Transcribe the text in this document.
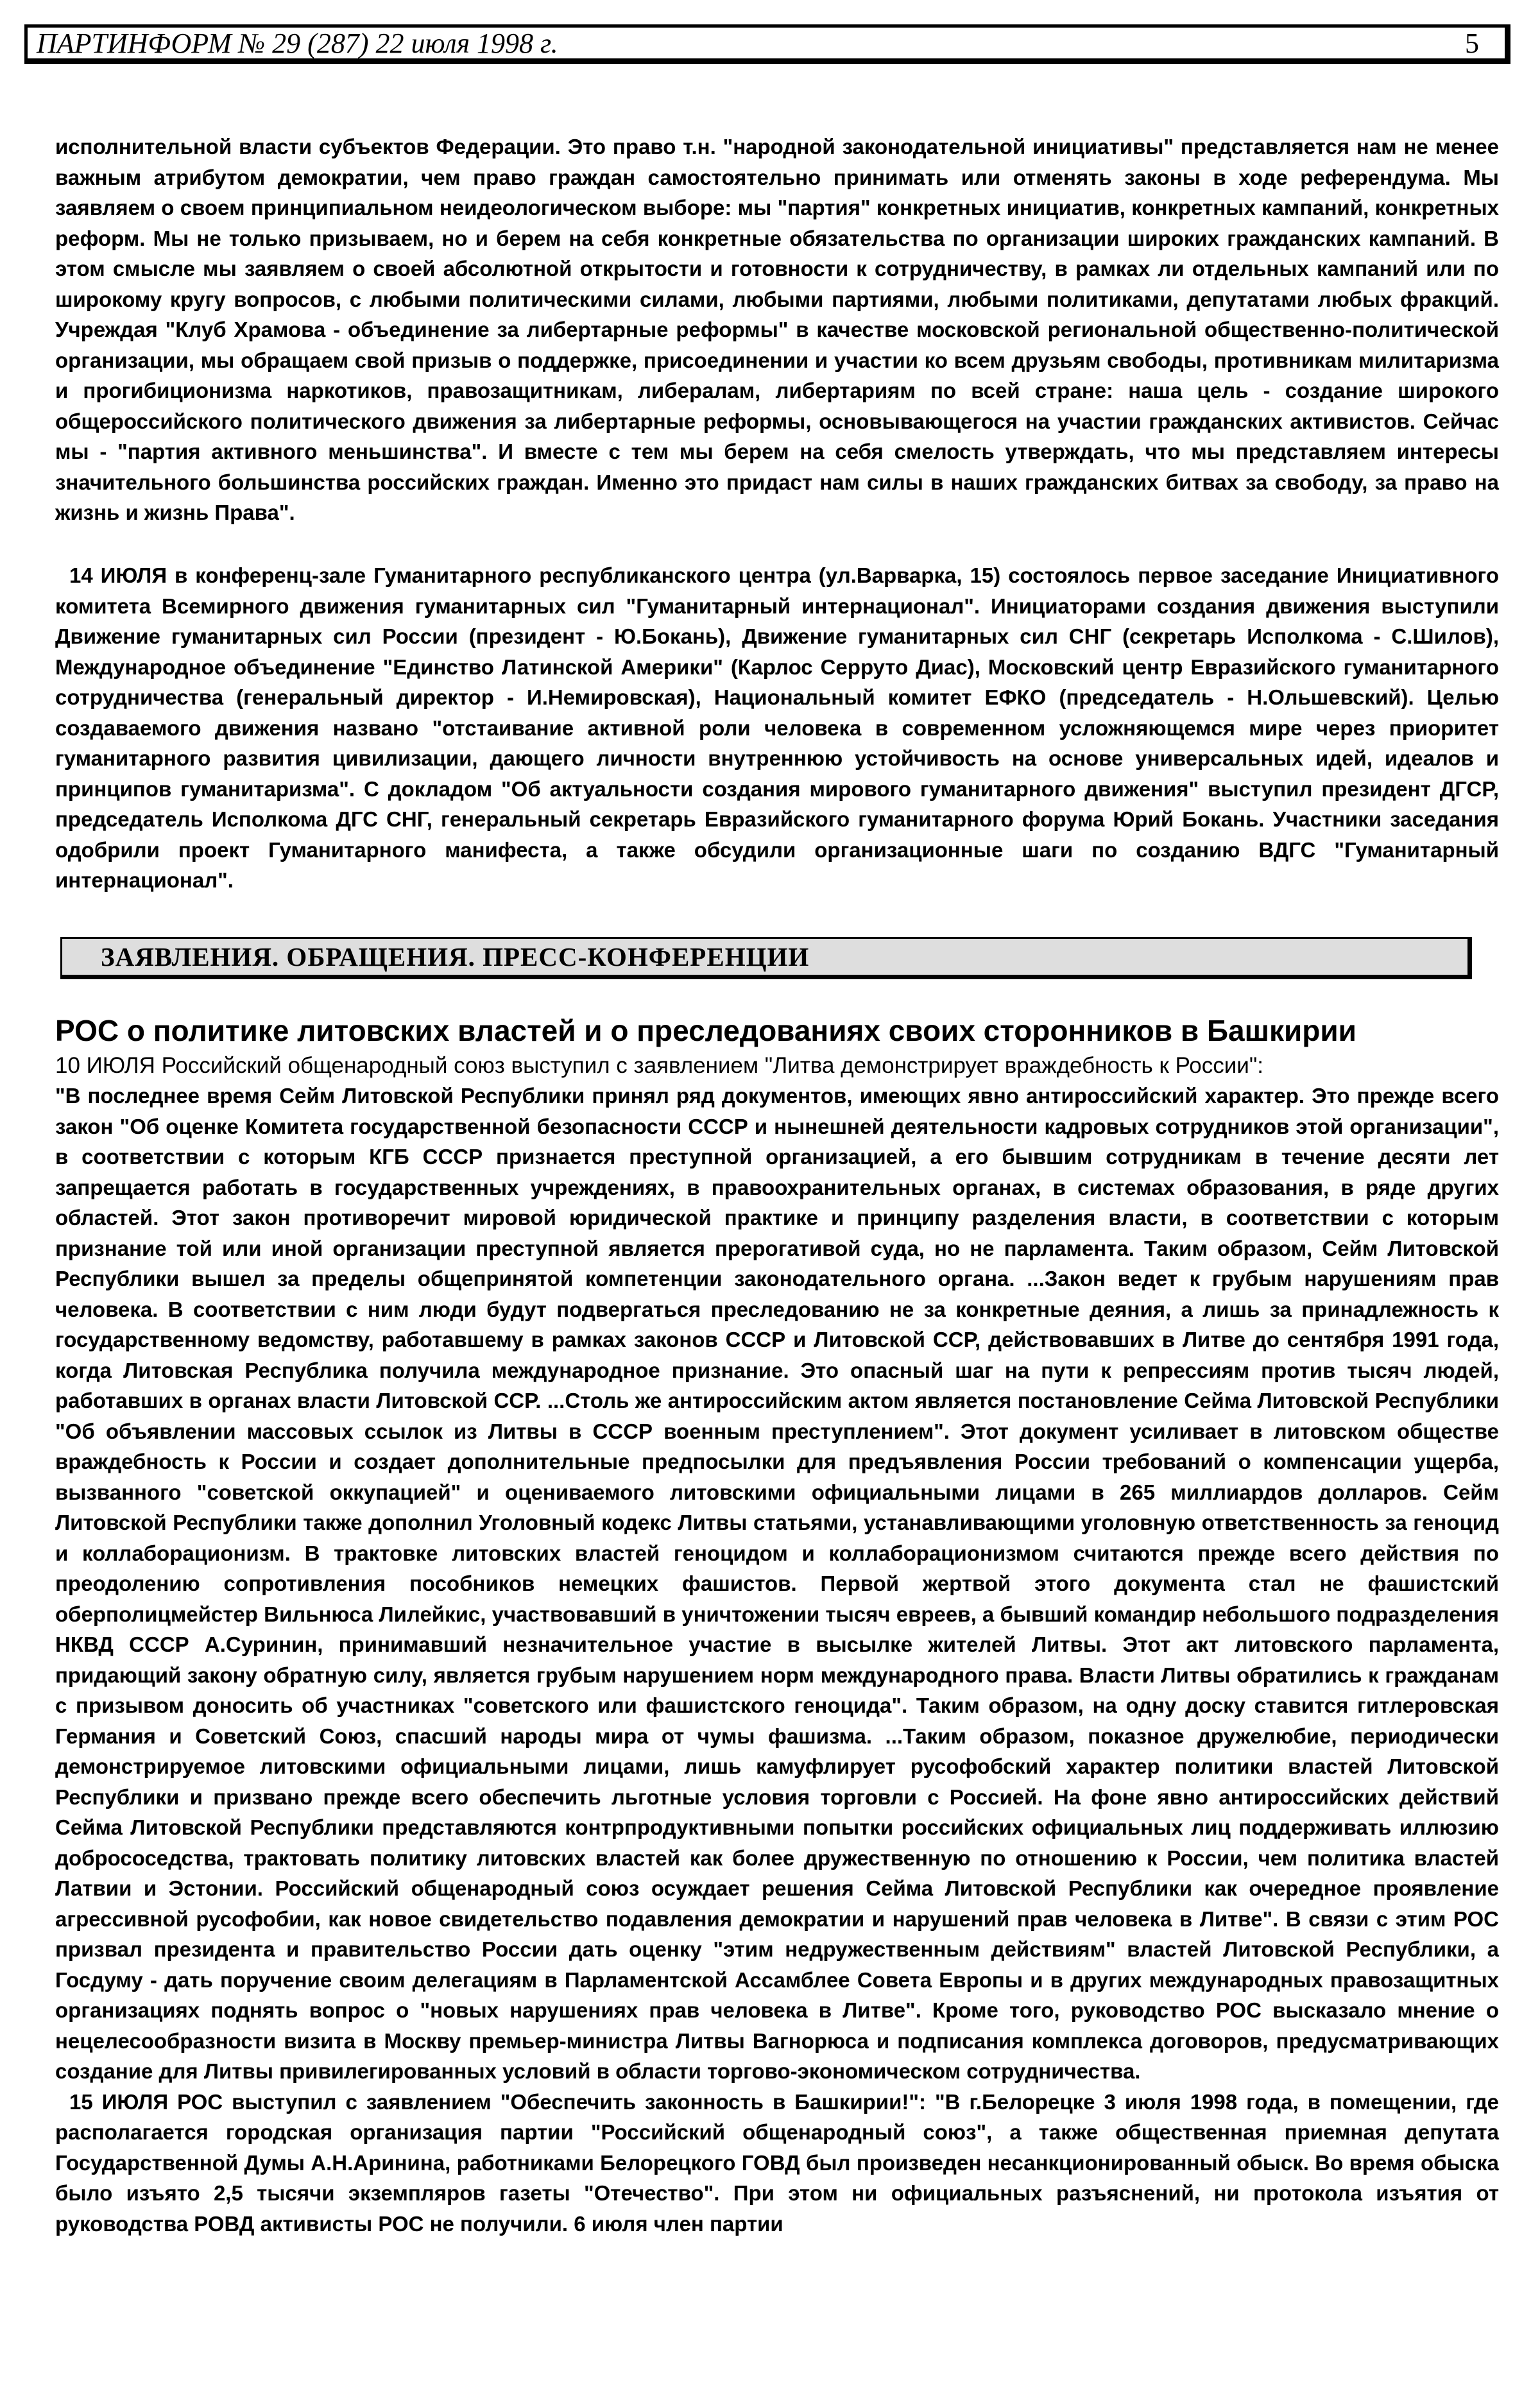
ПАРТИНФОРМ № 29 (287) 22 июля 1998 г.	5

исполнительной власти субъектов Федерации. Это право т.н. "народной законодательной инициативы" представляется нам не менее важным атрибутом демократии, чем право граждан самостоятельно принимать или отменять законы в ходе референдума. Мы заявляем о своем принципиальном неидеологическом выборе: мы "партия" конкретных инициатив, конкретных кампаний, конкретных реформ. Мы не только призываем, но и берем на себя конкретные обязательства по организации широких гражданских кампаний. В этом смысле мы заявляем о своей абсолютной открытости и готовности к сотрудничеству, в рамках ли отдельных кампаний или по широкому кругу вопросов, с любыми политическими силами, любыми партиями, любыми политиками, депутатами любых фракций. Учреждая "Клуб Храмова - объединение за либертарные реформы" в качестве московской региональной общественно-политической организации, мы обращаем свой призыв о поддержке, присоединении и участии ко всем друзьям свободы, противникам милитаризма и прогибиционизма наркотиков, правозащитникам, либералам, либертариям по всей стране: наша цель - создание широкого общероссийского политического движения за либертарные реформы, основывающегося на участии гражданских активистов. Сейчас мы - "партия активного меньшинства". И вместе с тем мы берем на себя смелость утверждать, что мы представляем интересы значительного большинства российских граждан. Именно это придаст нам силы в наших гражданских битвах за свободу, за право на жизнь и жизнь Права".

14 ИЮЛЯ в конференц-зале Гуманитарного республиканского центра (ул.Варварка, 15) состоялось первое заседание Инициативного комитета Всемирного движения гуманитарных сил "Гуманитарный интернационал". Инициаторами создания движения выступили Движение гуманитарных сил России (президент - Ю.Бокань), Движение гуманитарных сил СНГ (секретарь Исполкома - С.Шилов), Международное объединение "Единство Латинской Америки" (Карлос Серруто Диас), Московский центр Евразийского гуманитарного сотрудничества (генеральный директор - И.Немировская), Национальный комитет ЕФКО (председатель - Н.Ольшевский). Целью создаваемого движения названо "отстаивание активной роли человека в современном усложняющемся мире через приоритет гуманитарного развития цивилизации, дающего личности внутреннюю устойчивость на основе универсальных идей, идеалов и принципов гуманитаризма". С докладом "Об актуальности создания мирового гуманитарного движения" выступил президент ДГСР, председатель Исполкома ДГС СНГ, генеральный секретарь Евразийского гуманитарного форума Юрий Бокань. Участники заседания одобрили проект Гуманитарного манифеста, а также обсудили организационные шаги по созданию ВДГС "Гуманитарный интернационал".

ЗАЯВЛЕНИЯ. ОБРАЩЕНИЯ. ПРЕСС-КОНФЕРЕНЦИИ
РОС о политике литовских властей и о преследованиях своих сторонников в Башкирии
10 ИЮЛЯ Российский общенародный союз выступил с заявлением "Литва демонстрирует враждебность к России":

"В последнее время Сейм Литовской Республики принял ряд документов, имеющих явно антироссийский характер. Это прежде всего закон "Об оценке Комитета государственной безопасности СССР и нынешней деятельности кадровых сотрудников этой организации", в соответствии с которым КГБ СССР признается преступной организацией, а его бывшим сотрудникам в течение десяти лет запрещается работать в государственных учреждениях, в правоохранительных органах, в системах образования, в ряде других областей. Этот закон противоречит мировой юридической практике и принципу разделения власти, в соответствии с которым признание той или иной организации преступной является прерогативой суда, но не парламента. Таким образом, Сейм Литовской Республики вышел за пределы общепринятой компетенции законодательного органа. ...Закон ведет к грубым нарушениям прав человека. В соответствии с ним люди будут подвергаться преследованию не за конкретные деяния, а лишь за принадлежность к государственному ведомству, работавшему в рамках законов СССР и Литовской ССР, действовавших в Литве до сентября 1991 года, когда Литовская Республика получила международное признание. Это опасный шаг на пути к репрессиям против тысяч людей, работавших в органах власти Литовской ССР. ...Столь же антироссийским актом является постановление Сейма Литовской Республики "Об объявлении массовых ссылок из Литвы в СССР военным преступлением". Этот документ усиливает в литовском обществе враждебность к России и создает дополнительные предпосылки для предъявления России требований о компенсации ущерба, вызванного "советской оккупацией" и оцениваемого литовскими официальными лицами в 265 миллиардов долларов. Сейм Литовской Республики также дополнил Уголовный кодекс Литвы статьями, устанавливающими уголовную ответственность за геноцид и коллаборационизм. В трактовке литовских властей геноцидом и коллаборационизмом считаются прежде всего действия по преодолению сопротивления пособников немецких фашистов. Первой жертвой этого документа стал не фашистский оберполицмейстер Вильнюса Лилейкис, участвовавший в уничтожении тысяч евреев, а бывший командир небольшого подразделения НКВД СССР А.Суринин, принимавший незначительное участие в высылке жителей Литвы. Этот акт литовского парламента, придающий закону обратную силу, является грубым нарушением норм международного права. Власти Литвы обратились к гражданам с призывом доносить об участниках "советского или фашистского геноцида". Таким образом, на одну доску ставится гитлеровская Германия и Советский Союз, спасший народы мира от чумы фашизма. ...Таким образом, показное дружелюбие, периодически демонстрируемое литовскими официальными лицами, лишь камуфлирует русофобский характер политики властей Литовской Республики и призвано прежде всего обеспечить льготные условия торговли с Россией. На фоне явно антироссийских действий Сейма Литовской Республики представляются контрпродуктивными попытки российских официальных лиц поддерживать иллюзию добрососедства, трактовать политику литовских властей как более дружественную по отношению к России, чем политика властей Латвии и Эстонии. Российский общенародный союз осуждает решения Сейма Литовской Республики как очередное проявление агрессивной русофобии, как новое свидетельство подавления демократии и нарушений прав человека в Литве". В связи с этим РОС призвал президента и правительство России дать оценку "этим недружественным действиям" властей Литовской Республики, а Госдуму - дать поручение своим делегациям в Парламентской Ассамблее Совета Европы и в других международных правозащитных организациях поднять вопрос о "новых нарушениях прав человека в Литве". Кроме того, руководство РОС высказало мнение о нецелесообразности визита в Москву премьер-министра Литвы Вагнорюса и подписания комплекса договоров, предусматривающих создание для Литвы привилегированных условий в области торгово-экономическом сотрудничества.

15 ИЮЛЯ РОС выступил с заявлением "Обеспечить законность в Башкирии!": "В г.Белорецке 3 июля 1998 года, в помещении, где располагается городская организация партии "Российский общенародный союз", а также общественная приемная депутата Государственной Думы А.Н.Аринина, работниками Белорецкого ГОВД был произведен несанкционированный обыск. Во время обыска было изъято 2,5 тысячи экземпляров газеты "Отечество". При этом ни официальных разъяснений, ни протокола изъятия от руководства РОВД активисты РОС не получили. 6 июля член партии
